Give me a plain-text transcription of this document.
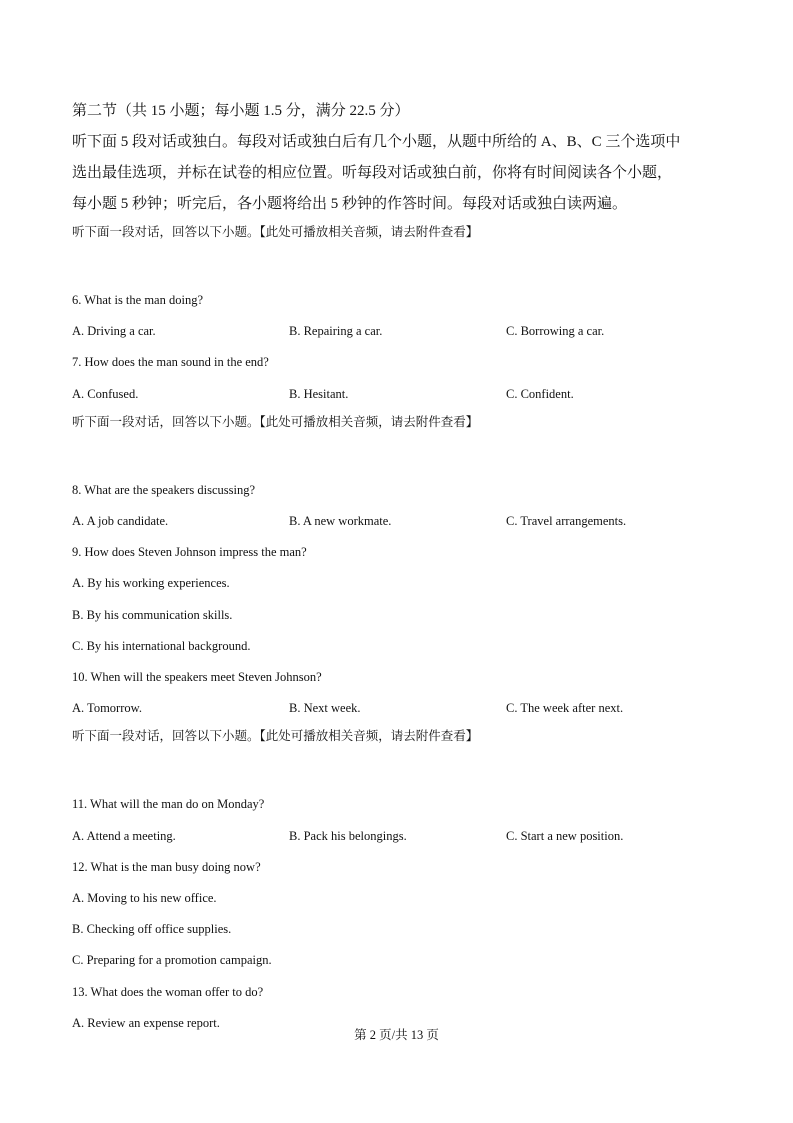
第二节（共 15 小题；每小题 1.5 分，满分 22.5 分）
听下面 5 段对话或独白。每段对话或独白后有几个小题，从题中所给的 A、B、C 三个选项中
选出最佳选项，并标在试卷的相应位置。听每段对话或独白前，你将有时间阅读各个小题，
每小题 5 秒钟；听完后，各小题将给出 5 秒钟的作答时间。每段对话或独白读两遍。
听下面一段对话，回答以下小题。【此处可播放相关音频，请去附件查看】
6. What is the man doing?
A. Driving a car.	B. Repairing a car.	C. Borrowing a car.
7. How does the man sound in the end?
A. Confused.	B. Hesitant.	C. Confident.
听下面一段对话，回答以下小题。【此处可播放相关音频，请去附件查看】
8. What are the speakers discussing?
A. A job candidate.	B. A new workmate.	C. Travel arrangements.
9. How does Steven Johnson impress the man?
A. By his working experiences.
B. By his communication skills.
C. By his international background.
10. When will the speakers meet Steven Johnson?
A. Tomorrow.	B. Next week.	C. The week after next.
听下面一段对话，回答以下小题。【此处可播放相关音频，请去附件查看】
11. What will the man do on Monday?
A. Attend a meeting.	B. Pack his belongings.	C. Start a new position.
12. What is the man busy doing now?
A. Moving to his new office.
B. Checking off office supplies.
C. Preparing for a promotion campaign.
13. What does the woman offer to do?
A. Review an expense report.
第 2 页/共 13 页
